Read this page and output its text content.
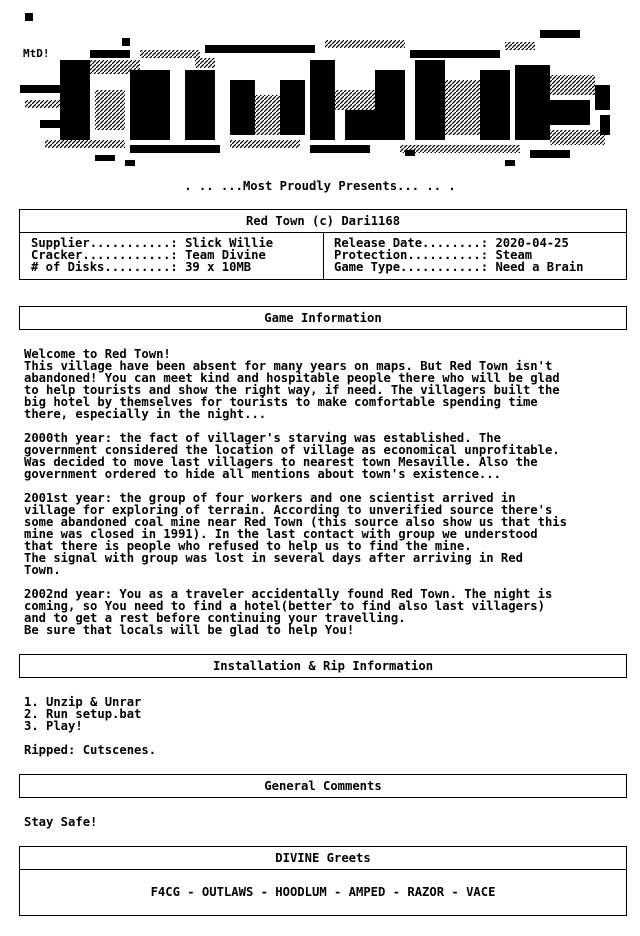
MtD!
. .. ...Most Proudly Presents... .. .
Red Town (c) Dari1168
Supplier...........: Slick Willie
Cracker............: Team Divine
# of Disks.........: 39 x 10MB
Release Date........: 2020-04-25
Protection..........: Steam
Game Type...........: Need a Brain
Game Information
Welcome to Red Town!
This village have been absent for many years on maps. But Red Town isn't
abandoned! You can meet kind and hospitable people there who will be glad
to help tourists and show the right way, if need. The villagers built the
big hotel by themselves for tourists to make comfortable spending time
there, especially in the night...
2000th year: the fact of villager's starving was established. The
government considered the location of village as economical unprofitable.
Was decided to move last villagers to nearest town Mesaville. Also the
government ordered to hide all mentions about town's existence...
2001st year: the group of four workers and one scientist arrived in
village for exploring of terrain. According to unverified source there's
some abandoned coal mine near Red Town (this source also show us that this
mine was closed in 1991). In the last contact with group we understood
that there is people who refused to help us to find the mine.
The signal with group was lost in several days after arriving in Red
Town.
2002nd year: You as a traveler accidentally found Red Town. The night is
coming, so You need to find a hotel(better to find also last villagers)
and to get a rest before continuing your travelling.
Be sure that locals will be glad to help You!
Installation & Rip Information
1. Unzip & Unrar
2. Run setup.bat
3. Play!
Ripped: Cutscenes.
General Comments
Stay Safe!
DIVINE Greets
F4CG - OUTLAWS - HOODLUM - AMPED - RAZOR - VACE
